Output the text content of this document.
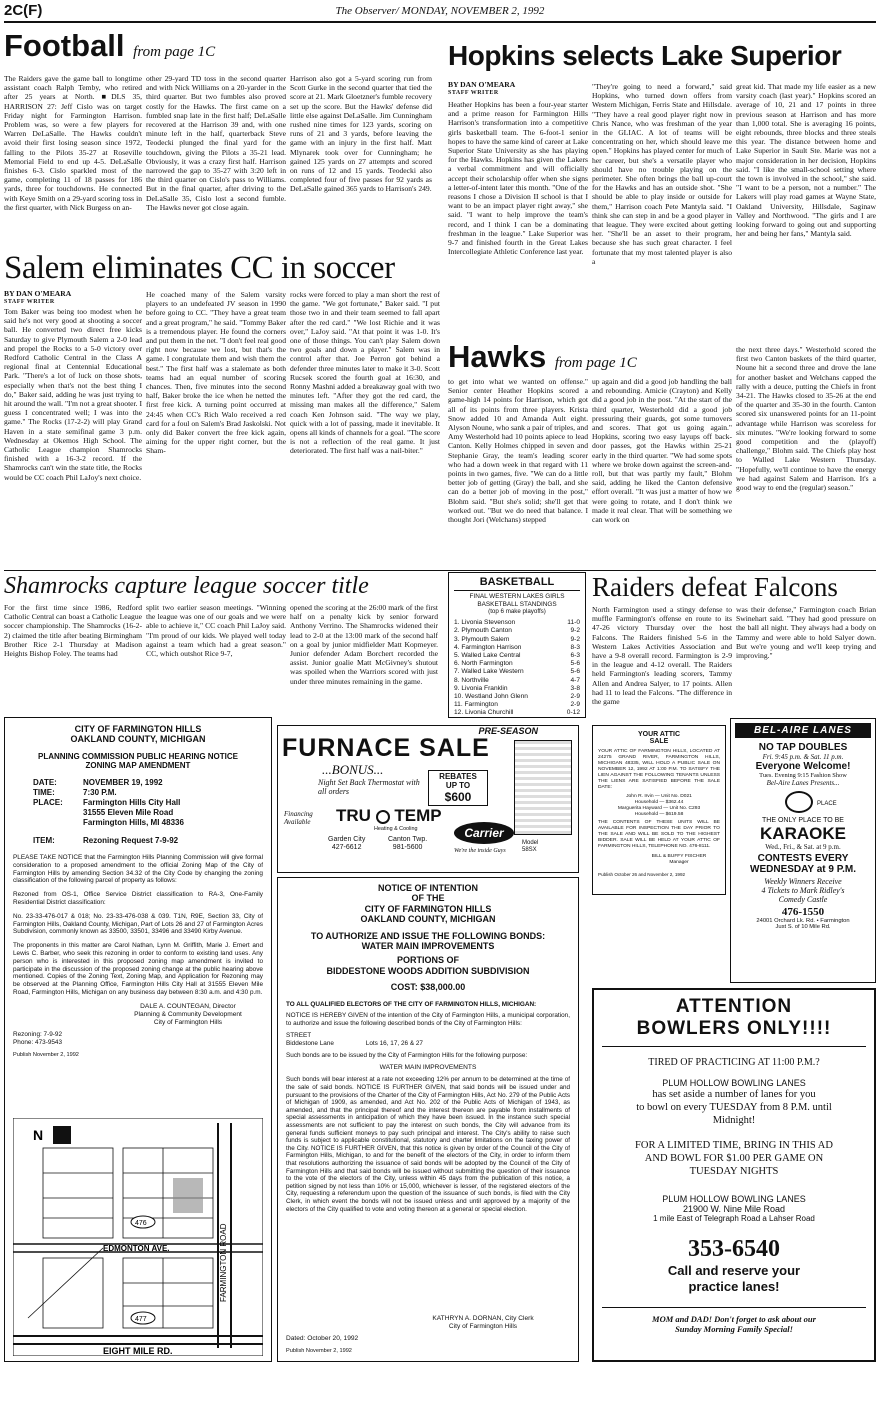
2C(F)	The Observer/ MONDAY, NOVEMBER 2, 1992
Football from page 1C
The Raiders gave the game ball to longtime assistant coach Ralph Temby, who retired after 25 years at North. ■DLS 35, HARRISON 27: Jeff Cislo was on target Friday night for Farmington Harrison. Problem was, so were a few players for Warren DeLaSalle. The Hawks couldn't avoid their first losing season since 1972, falling to the Pilots 35-27 at Roseville Memorial Field to end up 4-5. DeLaSalle finishes 6-3. Cislo sparkled most of the game, completing 11 of 18 passes for 186 yards, three for touchdowns. He connected with Keye Smith on a 29-yard scoring toss in the first quarter, with Nick Burgess on an-
other 29-yard TD toss in the second quarter and with Nick Williams on a 20-yarder in the third quarter. But two fumbles also proved costly for the Hawks. The first came on a fumbled snap late in the first half; DeLaSalle recovered at the Harrison 39 and, with one minute left in the half, quarterback Steve Teodecki plunged the final yard for the touchdown, giving the Pilots a 35-21 lead. Obviously, it was a crazy first half. Harrison narrowed the gap to 35-27 with 3:20 left in the third quarter on Cislo's pass to Williams. But in the final quarter, after driving to the DeLaSalle 35, Cislo lost a second fumble. The Hawks never got close again.
Harrison also got a 5-yard scoring run from Scott Gurke in the second quarter that tied the score at 21. Mark Gloetzner's fumble recovery set up the score. But the Hawks' defense did little else against DeLaSalle. Jim Cunningham rushed nine times for 123 yards, scoring on runs of 21 and 3 yards, before leaving the game with an injury in the first half. Matt Mlynarek took over for Cunningham; he gained 125 yards on 27 attempts and scored on runs of 12 and 15 yards. Teodecki also completed four of five passes for 92 yards as DeLaSalle gained 365 yards to Harrison's 249.
Hopkins selects Lake Superior
BY DAN O'MEARA
STAFF WRITER
Heather Hopkins has been a four-year starter and a prime reason for Farmington Hills Harrison's transformation into a competitive girls basketball team. The 6-foot-1 senior hopes to have the same kind of career at Lake Superior State University as she has playing for the Hawks. Hopkins has given the Lakers a verbal commitment and will officially accept their scholarship offer when she signs a letter-of-intent later this month. "One of the reasons I chose a Division II school is that I want to be an impact player right away," she said. "I want to help improve the team's record, and I think I can be a dominating freshman in the league." Lake Superior was 9-7 and finished fourth in the Great Lakes Intercollegiate Athletic Conference last year.
"They're going to need a forward," said Hopkins, who turned down offers from Western Michigan, Ferris State and Hillsdale. "They have a real good player right now in Chris Nance, who was freshman of the year in the GLIAC. A lot of teams will be concentrating on her, which should leave me open." Hopkins has played center for much of her career, but she's a versatile player who should have no trouble playing on the perimeter. She often brings the ball up-court for the Hawks and has an outside shot. "She should be able to play inside or outside for them," Harrison coach Pete Mantyla said. "I think she can step in and be a good player in that league. They were excited about getting her. "She'll be an asset to their program, because she has such great character. I feel fortunate that my most talented player is also a
great kid. That made my life easier as a new varsity coach (last year)." Hopkins scored an average of 10, 21 and 17 points in three previous season at Harrison and has more than 1,000 total. She is averaging 16 points, eight rebounds, three blocks and three steals this year. The distance between home and Lake Superior in Sault Ste. Marie was not a major consideration in her decision, Hopkins said. "I like the small-school setting where the town is involved in the school," she said. "I want to be a person, not a number." The Lakers will play road games at Wayne State, Oakland University, Hillsdale, Saginaw Valley and Northwood. "The girls and I are looking forward to going out and supporting her and being her fans," Mantyla said.
Salem eliminates CC in soccer
BY DAN O'MEARA
STAFF WRITER
Tom Baker was being too modest when he said he's not very good at shooting a soccer ball. He converted two direct free kicks Saturday to give Plymouth Salem a 2-0 lead and propel the Rocks to a 5-0 victory over Redford Catholic Central in the Class A regional final at Centennial Educational Park. "There's a lot of luck on those shots, especially when that's not the best thing I do," Baker said, adding he was just trying to hit around the wall. "I'm not a great shooter. I guess I concentrated well; I was into the game." The Rocks (17-2-2) will play Grand Haven in a state semifinal game 3 p.m. Wednesday at Okemos High School. The Catholic League champion Shamrocks finished with a 16-3-2 record. If the Shamrocks can't win the state title, the Rocks would be CC coach Phil LaJoy's next choice.
He coached many of the Salem varsity players to an undefeated JV season in 1990 before going to CC. "They have a great team and a great program," he said. "Tommy Baker is a tremendous player. He found the corners and put them in the net. "I don't feel real good right now because we lost, but that's the game. I congratulate them and wish them the best." The first half was a stalemate as both teams had an equal number of scoring chances. Then, five minutes into the second half, Baker broke the ice when he netted the first free kick. A turning point occurred at 24:45 when CC's Rich Walo received a red card for a foul on Salem's Brad Jaskolski. Not only did Baker convert the free kick again, aiming for the upper right corner, but the Sham-
rocks were forced to play a man short the rest of the game. "We got fortunate," Baker said. "I put those two in and their team seemed to fall apart after the red card." "We lost Richie and it was over," LaJoy said. "At that point it was 1-0. It's one of those things. You can't play Salem down two goals and down a player." Salem was in control after that. Joe Perron got behind a defender three minutes later to make it 3-0. Scott Rucsek scored the fourth goal at 16:30, and Ronny Mashni added a breakaway goal with two minutes left. "After they got the red card, the missing man makes all the difference," Salem coach Ken Johnson said. "The way we play, quick with a lot of passing, made it inevitable. It opens all kinds of channels for a goal. "The score is not a reflection of the real game. It just deteriorated. The first half was a nail-biter."
Hawks from page 1C
to get into what we wanted on offense." Senior center Heather Hopkins scored a game-high 14 points for Harrison, which got all of its points from three players. Krista Snow added 10 and Amanda Ault eight. Alyson Noune, who sank a pair of triples, and Amy Westerhold had 10 points apiece to lead Canton. Kelly Holmes chipped in seven and Stephanie Gray, the team's leading scorer who had a down week in that regard with 11 points in two games, five. "We can do a little better job of getting (Gray) the ball, and she can do a better job of moving in the post," Blohm said. "But she's solid; she'll get that worked out. "But we do need that balance. I thought Jori (Welchans) stepped
up again and did a good job handling the ball and rebounding. Amicie (Crayton) and Kelly did a good job in the post. "At the start of the third quarter, Westerhold did a good job pressuring their guards, got some turnovers and scores. That got us going again." Hopkins, scoring two easy layups off back-door passes, got the Hawks within 25-21 early in the third quarter. "We had some spots where we broke down against the screen-and-roll, but that was partly my fault," Blohm said, adding he liked the Canton defensive effort overall. "It was just a matter of how we were going to rotate, and I don't think we made it real clear. That will be something we can work on
the next three days." Westerhold scored the first two Canton baskets of the third quarter, Noune hit a second three and drove the lane for another basket and Welchans capped the rally with a deuce, putting the Chiefs in front 34-21. The Hawks closed to 35-26 at the end of the quarter and 35-30 in the fourth. Canton scored six unanswered points for an 11-point advantage while Harrison was scoreless for six minutes. "We're looking forward to some good competition and the (playoff) challenge," Blohm said. The Chiefs play host to Walled Lake Western Thursday. "Hopefully, we'll continue to have the energy we had against Salem and Harrison. It's a good way to end the (regular) season."
Shamrocks capture league soccer title
For the first time since 1986, Redford Catholic Central can boast a Catholic League soccer championship. The Shamrocks (16-2-2) claimed the title after beating Birmingham Brother Rice 2-1 Thursday at Madison Heights Bishop Foley. The teams had
split two earlier season meetings. "Winning the league was one of our goals and we were able to achieve it," CC coach Phil LaJoy said. "I'm proud of our kids. We played well today against a team which had a great season." CC, which outshot Rice 9-7,
opened the scoring at the 26:00 mark of the first half on a penalty kick by senior forward Anthony Verrino. The Shamrocks widened their lead to 2-0 at the 13:00 mark of the second half on a goal by junior midfielder Matt Kopmeyer. Junior defender Adam Borchert recorded the assist. Junior goalie Matt McGivney's shutout was spoiled when the Warriors scored with just under three minutes remaining in the game.
BASKETBALL
FINAL WESTERN LAKES GIRLS BASKETBALL STANDINGS
(top 6 make playoffs)
1. Livonia Stevenson	11-0
2. Plymouth Canton	9-2
3. Plymouth Salem	9-2
4. Farmington Harrison	8-3
5. Walled Lake Central	6-3
6. North Farmington	5-6
7. Walled Lake Western	5-6
8. Northville	4-7
9. Livonia Franklin	3-8
10. Westland John Glenn	2-9
11. Farmington	2-9
12. Livonia Churchill	0-12
Raiders defeat Falcons
North Farmington used a stingy defense to muffle Farmington's offense en route to its 47-26 victory Thursday over the host Falcons. The Raiders finished 5-6 in the Western Lakes Activities Association and have a 9-8 overall record. Farmington is 2-9 in the league and 4-12 overall. The Raiders held Farmington's leading scorers, Tammy Allen and Andrea Salyer, to 17 points. Allen had 11 to lead the Falcons. "The difference in the game
was their defense," Farmington coach Brian Swinehart said. "They had good pressure on the ball all night. They always had a body on Tammy and were able to hold Salyer down. But we're young and we'll keep trying and improving."
CITY OF FARMINGTON HILLS
OAKLAND COUNTY, MICHIGAN
PLANNING COMMISSION PUBLIC HEARING NOTICE
ZONING MAP AMENDMENT
DATE:	NOVEMBER 19, 1992
TIME:	7:30 P.M.
PLACE:	Farmington Hills City Hall
31555 Eleven Mile Road
Farmington Hills, MI 48336
ITEM:	Rezoning Request 7-9-92
PLEASE TAKE NOTICE that the Farmington Hills Planning Commission will give formal consideration to a proposed amendment to the official Zoning Map of the City of Farmington Hills by amending Section 34.32 of the City Code by changing the zoning classification of the following parcel of property as follows:
Rezoned from OS-1, Office Service District classification to RA-3, One-Family Residential District classification:
No. 23-33-476-017 & 018; No. 23-33-476-038 & 039. T1N, R9E, Section 33, City of Farmington Hills, Oakland County, Michigan, Part of Lots 26 and 27 of Farmington Acres Subdivision, commonly known as 33500, 33501, 33496 and 33490 Kirby Avenue.
The proponents in this matter are Carol Nathan, Lynn M. Griffith, Marie J. Emert and Lewis C. Barber, who seek this rezoning in order to conform to existing land uses. Any person who is interested in this proposed zoning map amendment is invited to participate in the discussion of the proposed zoning change at the public hearing above mentioned. Copies of the Zoning Text, Zoning Map, and Application for Rezoning may be observed at the Planning Office, Farmington Hills City Hall at 31555 Eleven Mile Road, Farmington Hills, Michigan on any business day between 8:30 a.m. and 4:30 p.m.
DALE A. COUNTEGAN, Director
Planning & Community Development
City of Farmington Hills
Rezoning: 7-9-92
Phone: 473-9543
Publish November 2, 1992
N
FARMINGTON ROAD
EDMONTON AVE.
EIGHT MILE RD.
476
477
PRE-SEASON
FURNACE SALE
...BONUS...
Night Set Back Thermostat with all orders
REBATES
UP TO
$600
Financing Available	TRU TEMP
Heating & Cooling
Garden City
427-6612
Canton Twp.
981-5600
Carrier
We're the inside Guys
Model 58SX
NOTICE OF INTENTION
OF THE
CITY OF FARMINGTON HILLS
OAKLAND COUNTY, MICHIGAN
TO AUTHORIZE AND ISSUE THE FOLLOWING BONDS:
WATER MAIN IMPROVEMENTS
PORTIONS OF
BIDDESTONE WOODS ADDITION SUBDIVISION
COST: $38,000.00
TO ALL QUALIFIED ELECTORS OF THE CITY OF FARMINGTON HILLS, MICHIGAN:
NOTICE IS HEREBY GIVEN of the intention of the City of Farmington Hills, a municipal corporation, to authorize and issue the following described bonds of the City of Farmington Hills:
STREET
Biddestone Lane	Lots 16, 17, 26 & 27
Such bonds are to be issued by the City of Farmington Hills for the following purpose:
WATER MAIN IMPROVEMENTS
Such bonds will bear interest at a rate not exceeding 12% per annum to be determined at the time of the sale of said bonds. NOTICE IS FURTHER GIVEN, that said bonds will be issued under and pursuant to the provisions of the Charter of the City of Farmington Hills, Act No. 279 of the Public Acts of Michigan of 1909, as amended, and Act No. 202 of the Public Acts of Michigan of 1943, as amended, and that the principal thereof and the interest thereon are payable from installments of special assessments in anticipation of which they have been issued. In the instance such special assessments are not sufficient to pay the interest on such bonds, the City will advance from its general funds sufficient moneys to pay such principal and interest. The City's ability to raise such funds is subject to applicable constitutional, statutory and charter limitations on the taxing power of the City. NOTICE IS FURTHER GIVEN, that this notice is given by order of the Council of the City of Farmington Hills, Michigan, to and for the benefit of the electors of the City, in order to inform them that resolutions authorizing the issuance of said bonds will be adopted by the Council of the City of Farmington Hills and that said bonds will be issued without submitting the question of their issuance to the vote of the electors of the City, unless within 45 days from the publication of this notice, a petition signed by not less than 10% or 15,000, whichever is lesser, of the registered electors of the City, requesting a referendum upon the question of the issuance of such bonds, is filed with the City Clerk, in which event the bonds will not be issued unless and until approved by a majority of the electors of the City qualified to vote and voting thereon at a general or special election.
KATHRYN A. DORNAN, City Clerk
City of Farmington Hills
Dated: October 20, 1992
Publish November 2, 1992
YOUR ATTIC
SALE
YOUR ATTIC OF FARMINGTON HILLS, LOCATED AT 24275 GRAND RIVER, FARMINGTON HILLS, MICHIGAN 48335, WILL HOLD A PUBLIC SALE ON NOVEMBER 12, 1992 AT 1:00 P.M. TO SATISFY THE LIEN AGAINST THE FOLLOWING TENANTS UNLESS THE LIENS ARE SATISFIED BEFORE THE SALE DATE:
John R. Irvin — Unit No. D021
Household — $362.44
Marguerita Hayward — Unit No. C293
Household — $619.58
THE CONTENTS OF THESE UNITS WILL BE AVAILABLE FOR INSPECTION THE DAY PRIOR TO THE SALE AND WILL BE SOLD TO THE HIGHEST BIDDER. SALE WILL BE HELD AT YOUR ATTIC OF FARMINGTON HILLS, TELEPHONE NO. 476-8111.
BILL & BUFFY FISCHER
Manager
Publish October 26 and November 2, 1992
BEL-AIRE LANES
NO TAP DOUBLES
Fri. 9:45 p.m. & Sat. 11 p.m.
Everyone Welcome!
Tues. Evening 9:15 Fashion Show
Bel-Aire Lanes Presents...
PLACE
THE ONLY PLACE TO BE
KARAOKE
Wed., Fri., & Sat. at 9 p.m.
CONTESTS EVERY
WEDNESDAY at 9 P.M.
Weekly Winners Receive
4 Tickets to Mark Ridley's
Comedy Castle
476-1550
24001 Orchard Lk. Rd. • Farmington
Just S. of 10 Mile Rd.
ATTENTION
BOWLERS ONLY!!!!
TIRED OF PRACTICING AT 11:00 P.M.?
PLUM HOLLOW BOWLING LANES
has set aside a number of lanes for you
to bowl on every TUESDAY from 8 P.M. until
Midnight!
FOR A LIMITED TIME, BRING IN THIS AD
AND BOWL FOR $1.00 PER GAME ON
TUESDAY NIGHTS
PLUM HOLLOW BOWLING LANES
21900 W. Nine Mile Road
1 mile East of Telegraph Road a Lahser Road
353-6540
Call and reserve your
practice lanes!
MOM and DAD! Don't forget to ask about our
Sunday Morning Family Special!
